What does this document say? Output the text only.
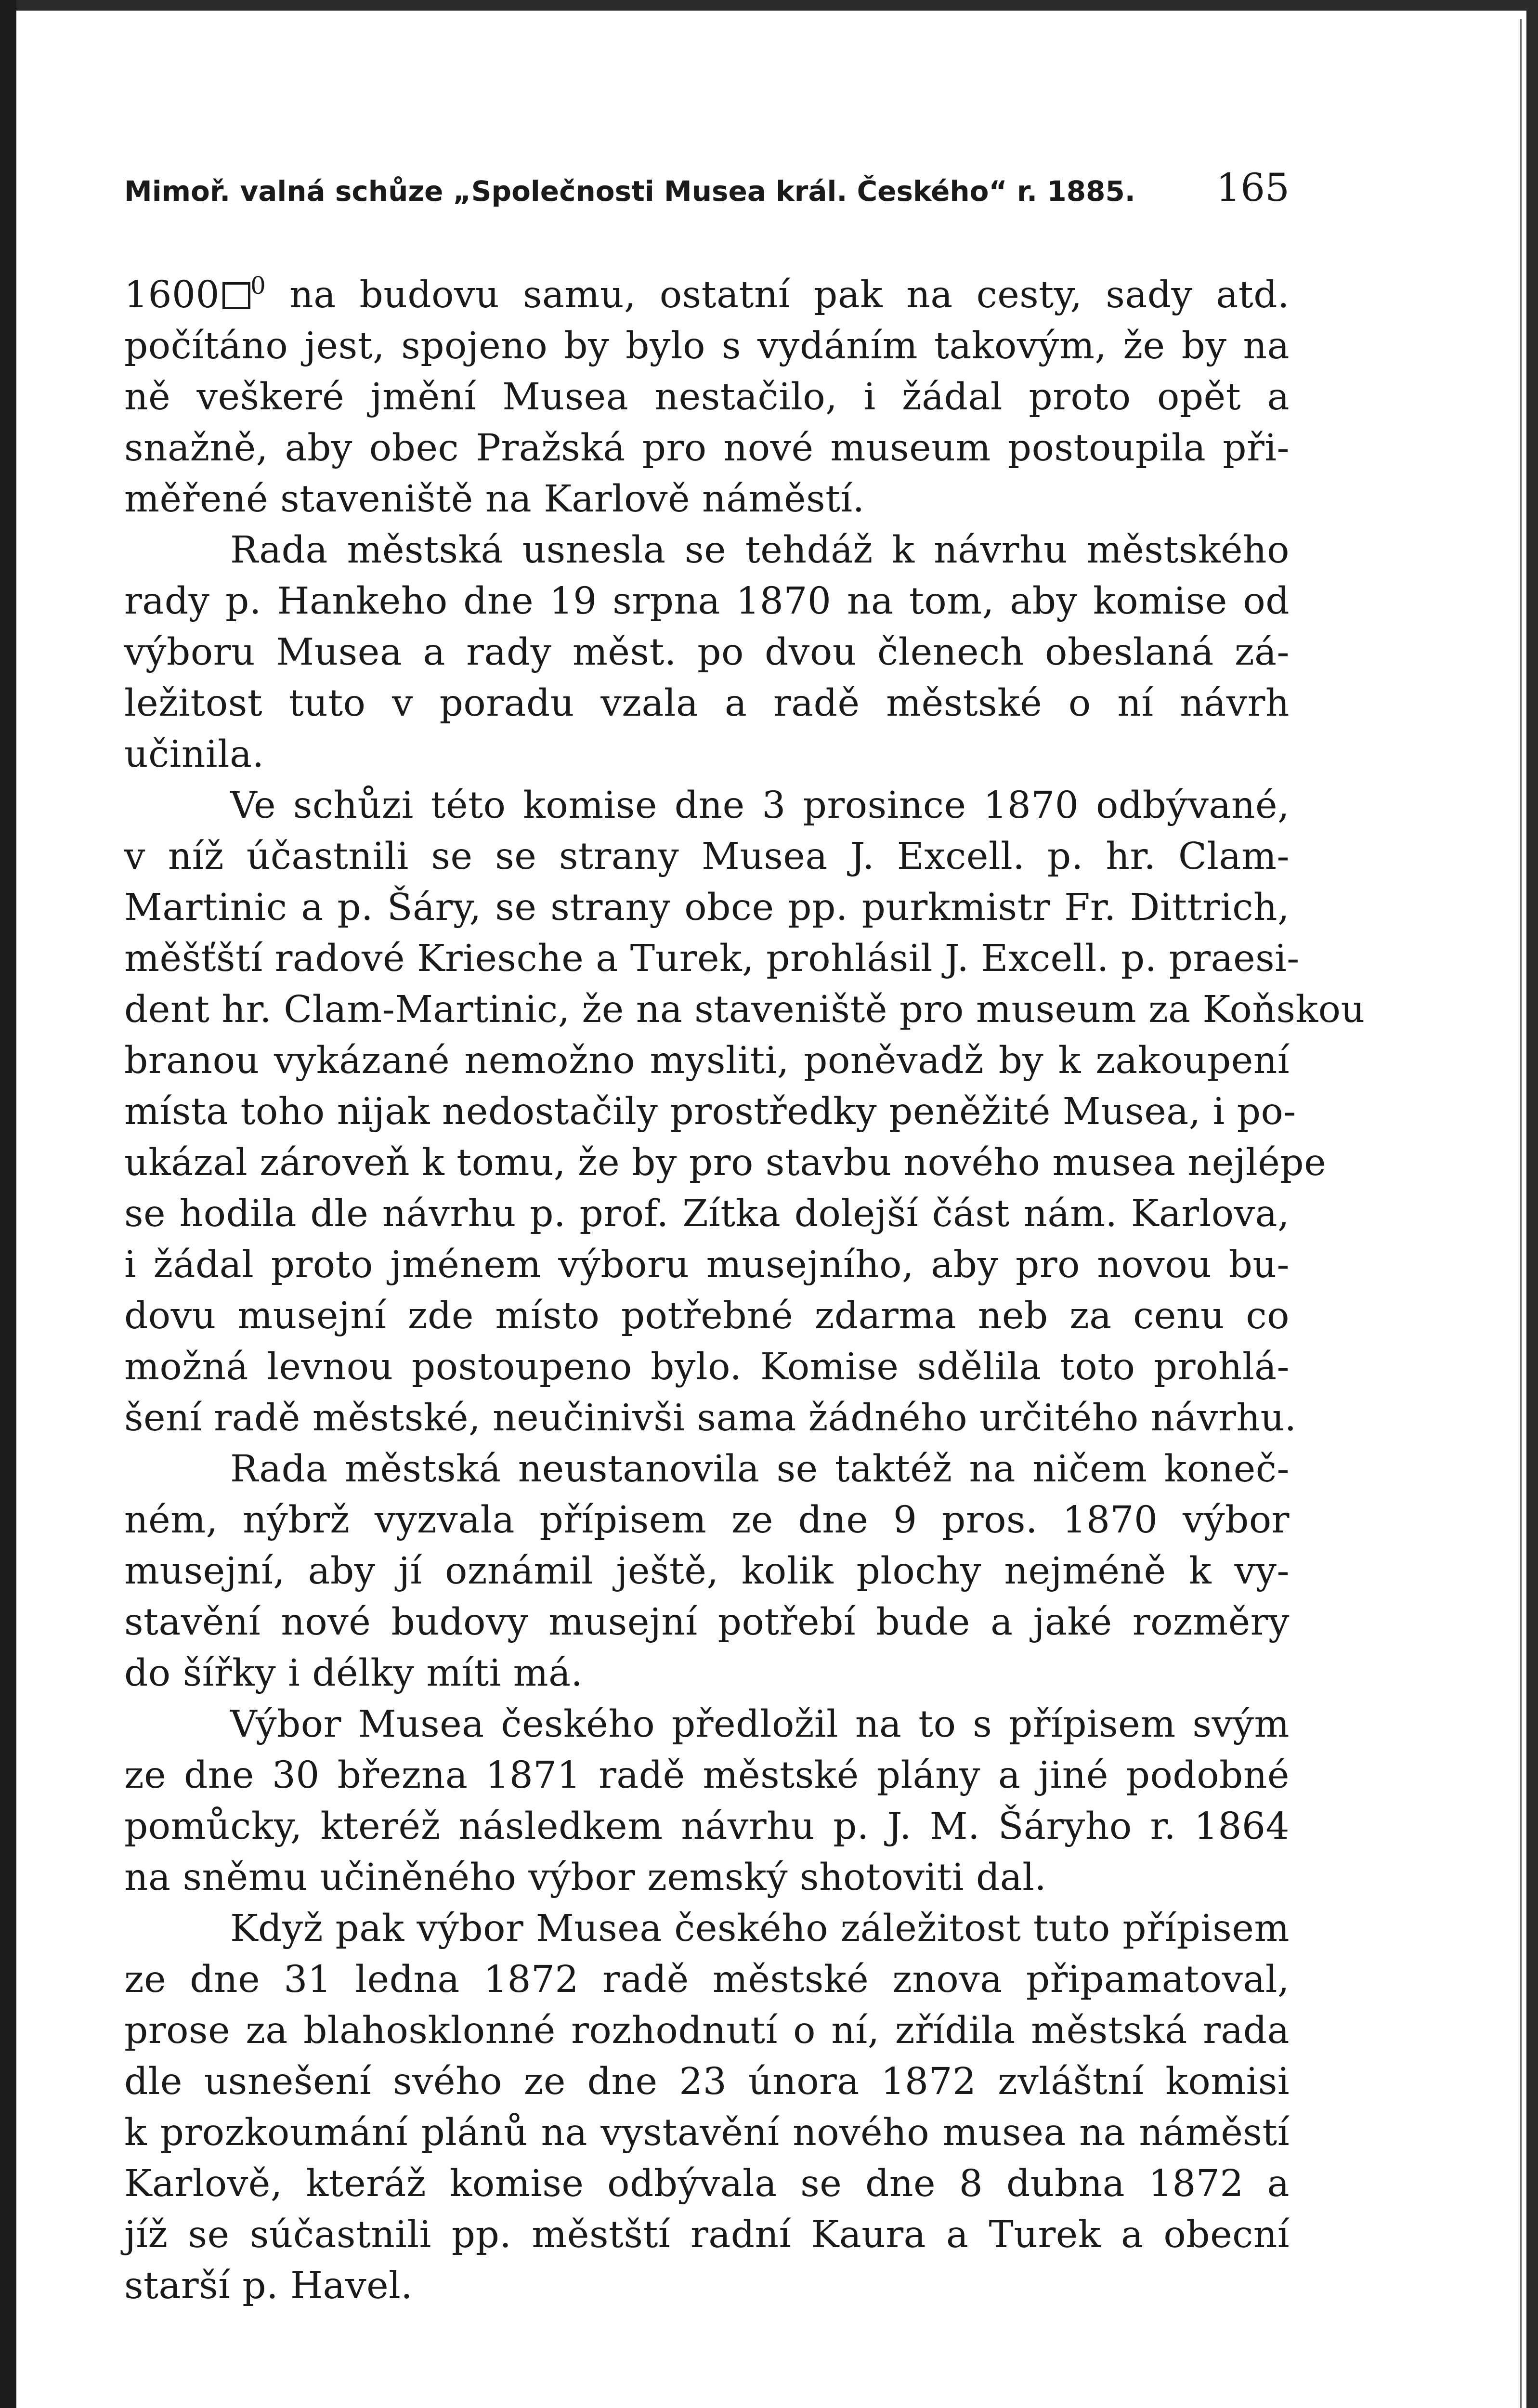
Mimoř. valná schůze „Společnosti Musea král. Českého“ r. 1885. 165
1600 $^0$ na budovu samu, ostatní pak na cesty, sady atd.
počítáno jest, spojeno by bylo s vydáním takovým, že by na
ně veškeré jmění Musea nestačilo, i žádal proto opět a
snažně, aby obec Pražská pro nové museum postoupila při-
měřené staveniště na Karlově náměstí.
Rada městská usnesla se tehdáž k návrhu městského
rady p. Hankeho dne 19 srpna 1870 na tom, aby komise od
výboru Musea a rady měst. po dvou členech obeslaná zá-
ležitost tuto v poradu vzala a radě městské o ní návrh
učinila.
Ve schůzi této komise dne 3 prosince 1870 odbývané,
v níž účastnili se se strany Musea J. Excell. p. hr. Clam-
Martinic a p. Šáry, se strany obce pp. purkmistr Fr. Dittrich,
měšťští radové Kriesche a Turek, prohlásil J. Excell. p. praesi-
dent hr. Clam-Martinic, že na staveniště pro museum za Koňskou
branou vykázané nemožno mysliti, poněvadž by k zakoupení
místa toho nijak nedostačily prostředky peněžité Musea, i po-
ukázal zároveň k tomu, že by pro stavbu nového musea nejlépe
se hodila dle návrhu p. prof. Zítka dolejší část nám. Karlova,
i žádal proto jménem výboru musejního, aby pro novou bu-
dovu musejní zde místo potřebné zdarma neb za cenu co
možná levnou postoupeno bylo. Komise sdělila toto prohlá-
šení radě městské, neučinivši sama žádného určitého návrhu.
Rada městská neustanovila se taktéž na ničem koneč-
ném, nýbrž vyzvala přípisem ze dne 9 pros. 1870 výbor
musejní, aby jí oznámil ještě, kolik plochy nejméně k vy-
stavění nové budovy musejní potřebí bude a jaké rozměry
do šířky i délky míti má.
Výbor Musea českého předložil na to s přípisem svým
ze dne 30 března 1871 radě městské plány a jiné podobné
pomůcky, kteréž následkem návrhu p. J. M. Šáryho r. 1864
na sněmu učiněného výbor zemský shotoviti dal.
Když pak výbor Musea českého záležitost tuto přípisem
ze dne 31 ledna 1872 radě městské znova připamatoval,
prose za blahosklonné rozhodnutí o ní, zřídila městská rada
dle usnešení svého ze dne 23 února 1872 zvláštní komisi
k prozkoumání plánů na vystavění nového musea na náměstí
Karlově, kteráž komise odbývala se dne 8 dubna 1872 a
jíž se súčastnili pp. městští radní Kaura a Turek a obecní
starší p. Havel.
